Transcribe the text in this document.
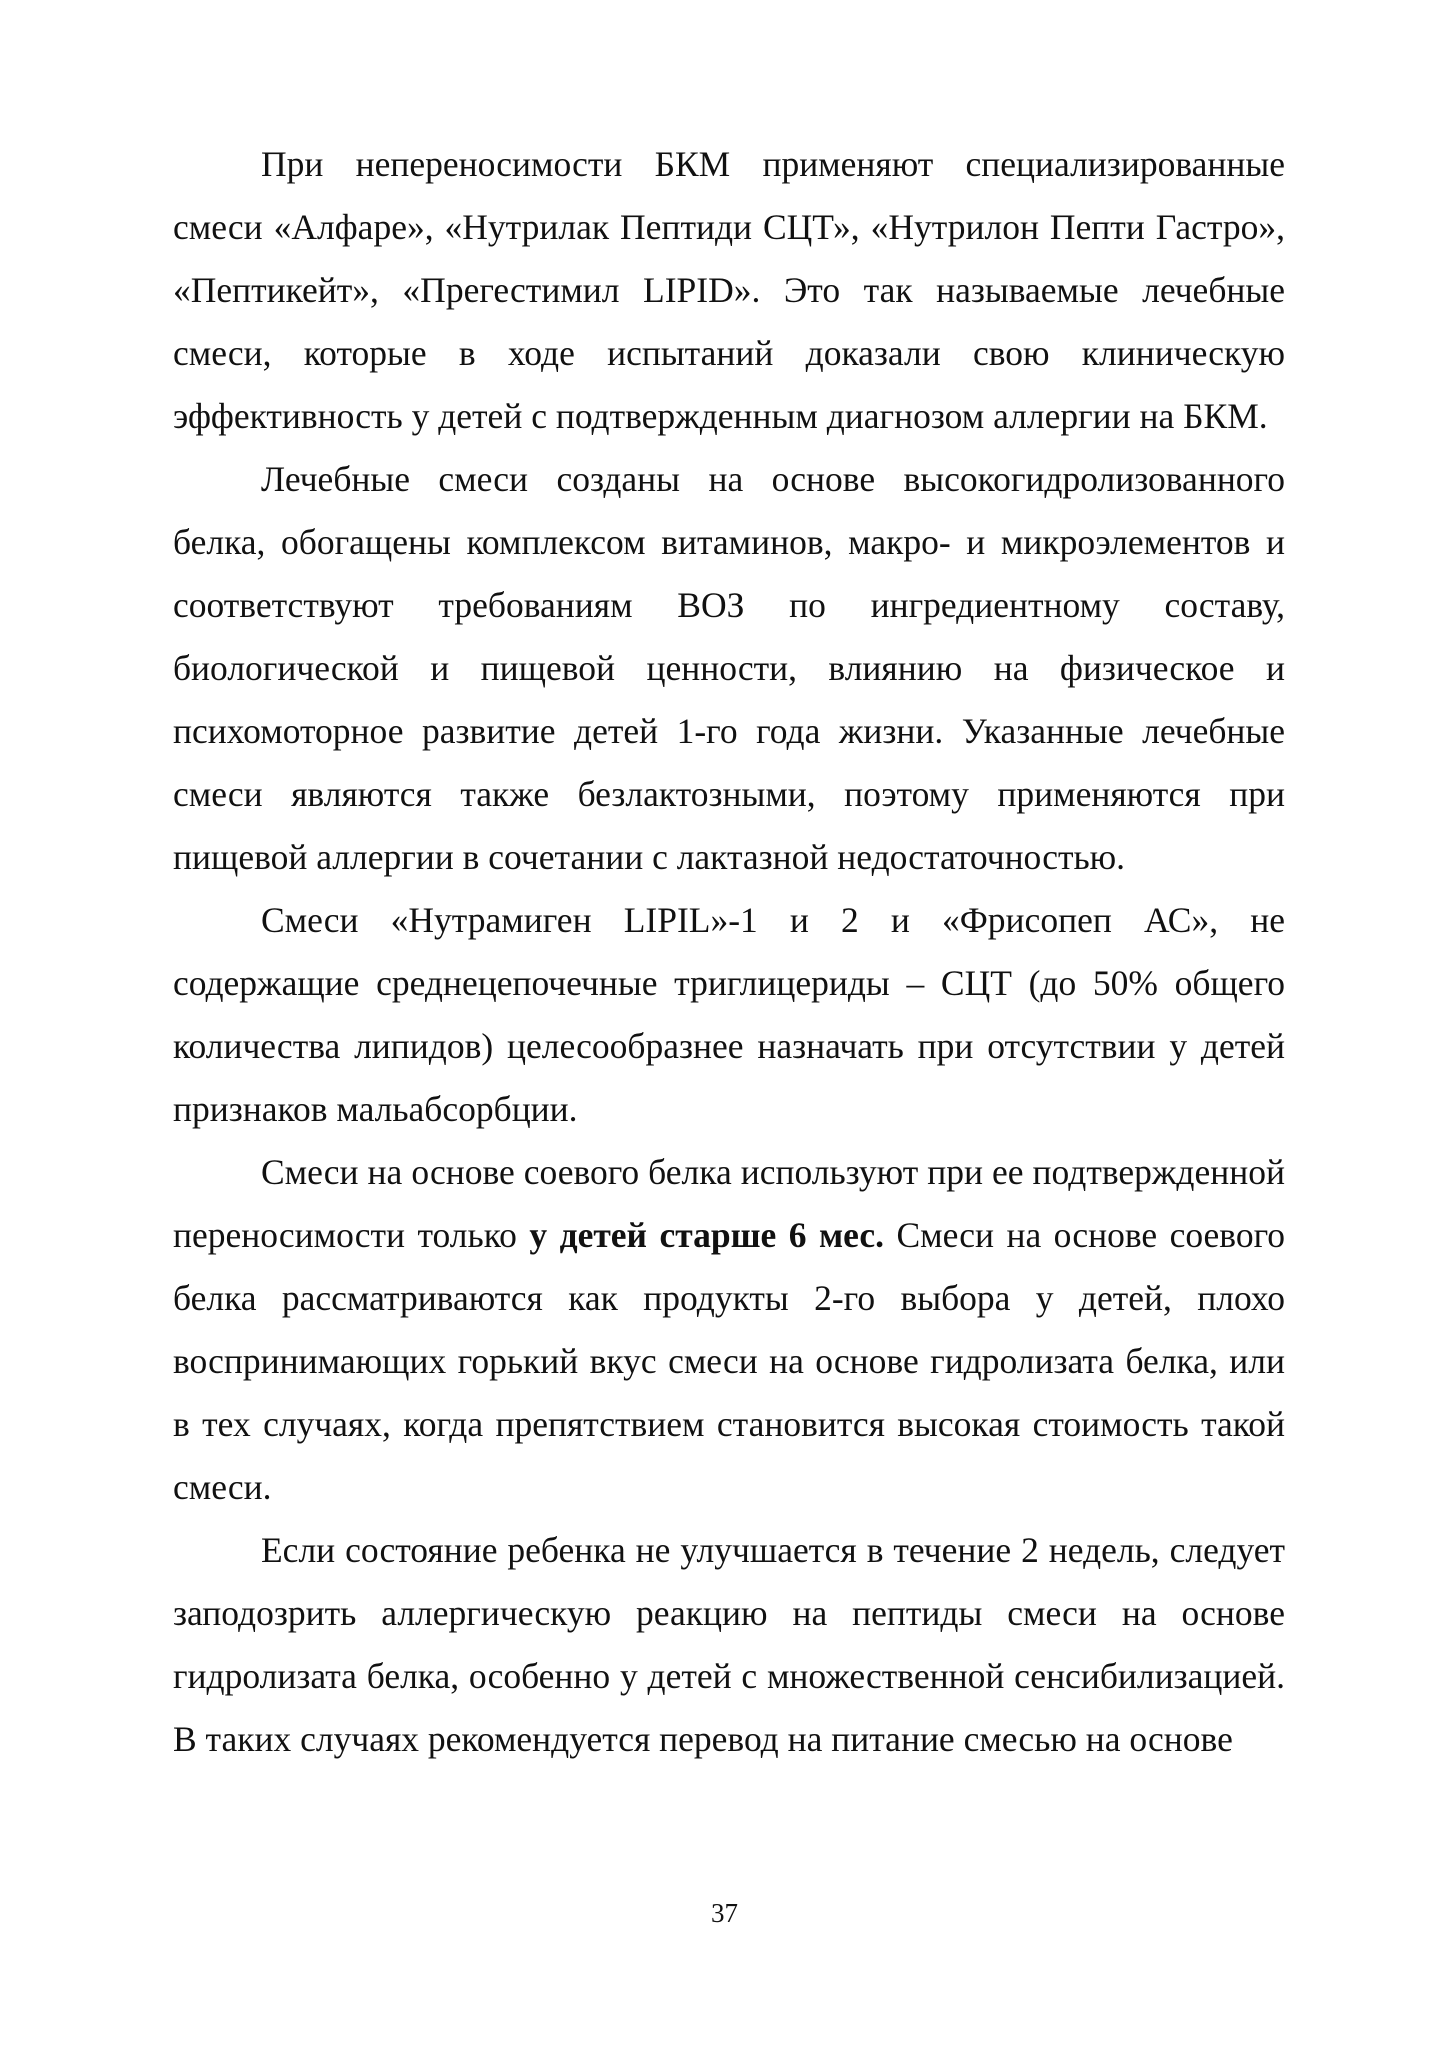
При непереносимости БКМ применяют специализированные смеси «Алфаре», «Нутрилак Пептиди СЦТ», «Нутрилон Пепти Гастро», «Пептикейт», «Прегестимил LIPID». Это так называемые лечебные смеси, которые в ходе испытаний доказали свою клиническую эффективность у детей с подтвержденным диагнозом аллергии на БКМ.

Лечебные смеси созданы на основе высокогидролизованного белка, обогащены комплексом витаминов, макро- и микроэлементов и соответствуют требованиям ВОЗ по ингредиентному составу, биологической и пищевой ценности, влиянию на физическое и психомоторное развитие детей 1-го года жизни. Указанные лечебные смеси являются также безлактозными, поэтому применяются при пищевой аллергии в сочетании с лактазной недостаточностью.

Смеси «Нутрамиген LIPIL»-1 и 2 и «Фрисопеп АС», не содержащие среднецепочечные триглицериды – СЦТ (до 50% общего количества липидов) целесообразнее назначать при отсутствии у детей признаков мальабсорбции.

Смеси на основе соевого белка используют при ее подтвержденной переносимости только у детей старше 6 мес. Смеси на основе соевого белка рассматриваются как продукты 2-го выбора у детей, плохо воспринимающих горький вкус смеси на основе гидролизата белка, или в тех случаях, когда препятствием становится высокая стоимость такой смеси.

Если состояние ребенка не улучшается в течение 2 недель, следует заподозрить аллергическую реакцию на пептиды смеси на основе гидролизата белка, особенно у детей с множественной сенсибилизацией. В таких случаях рекомендуется перевод на питание смесью на основе

37
